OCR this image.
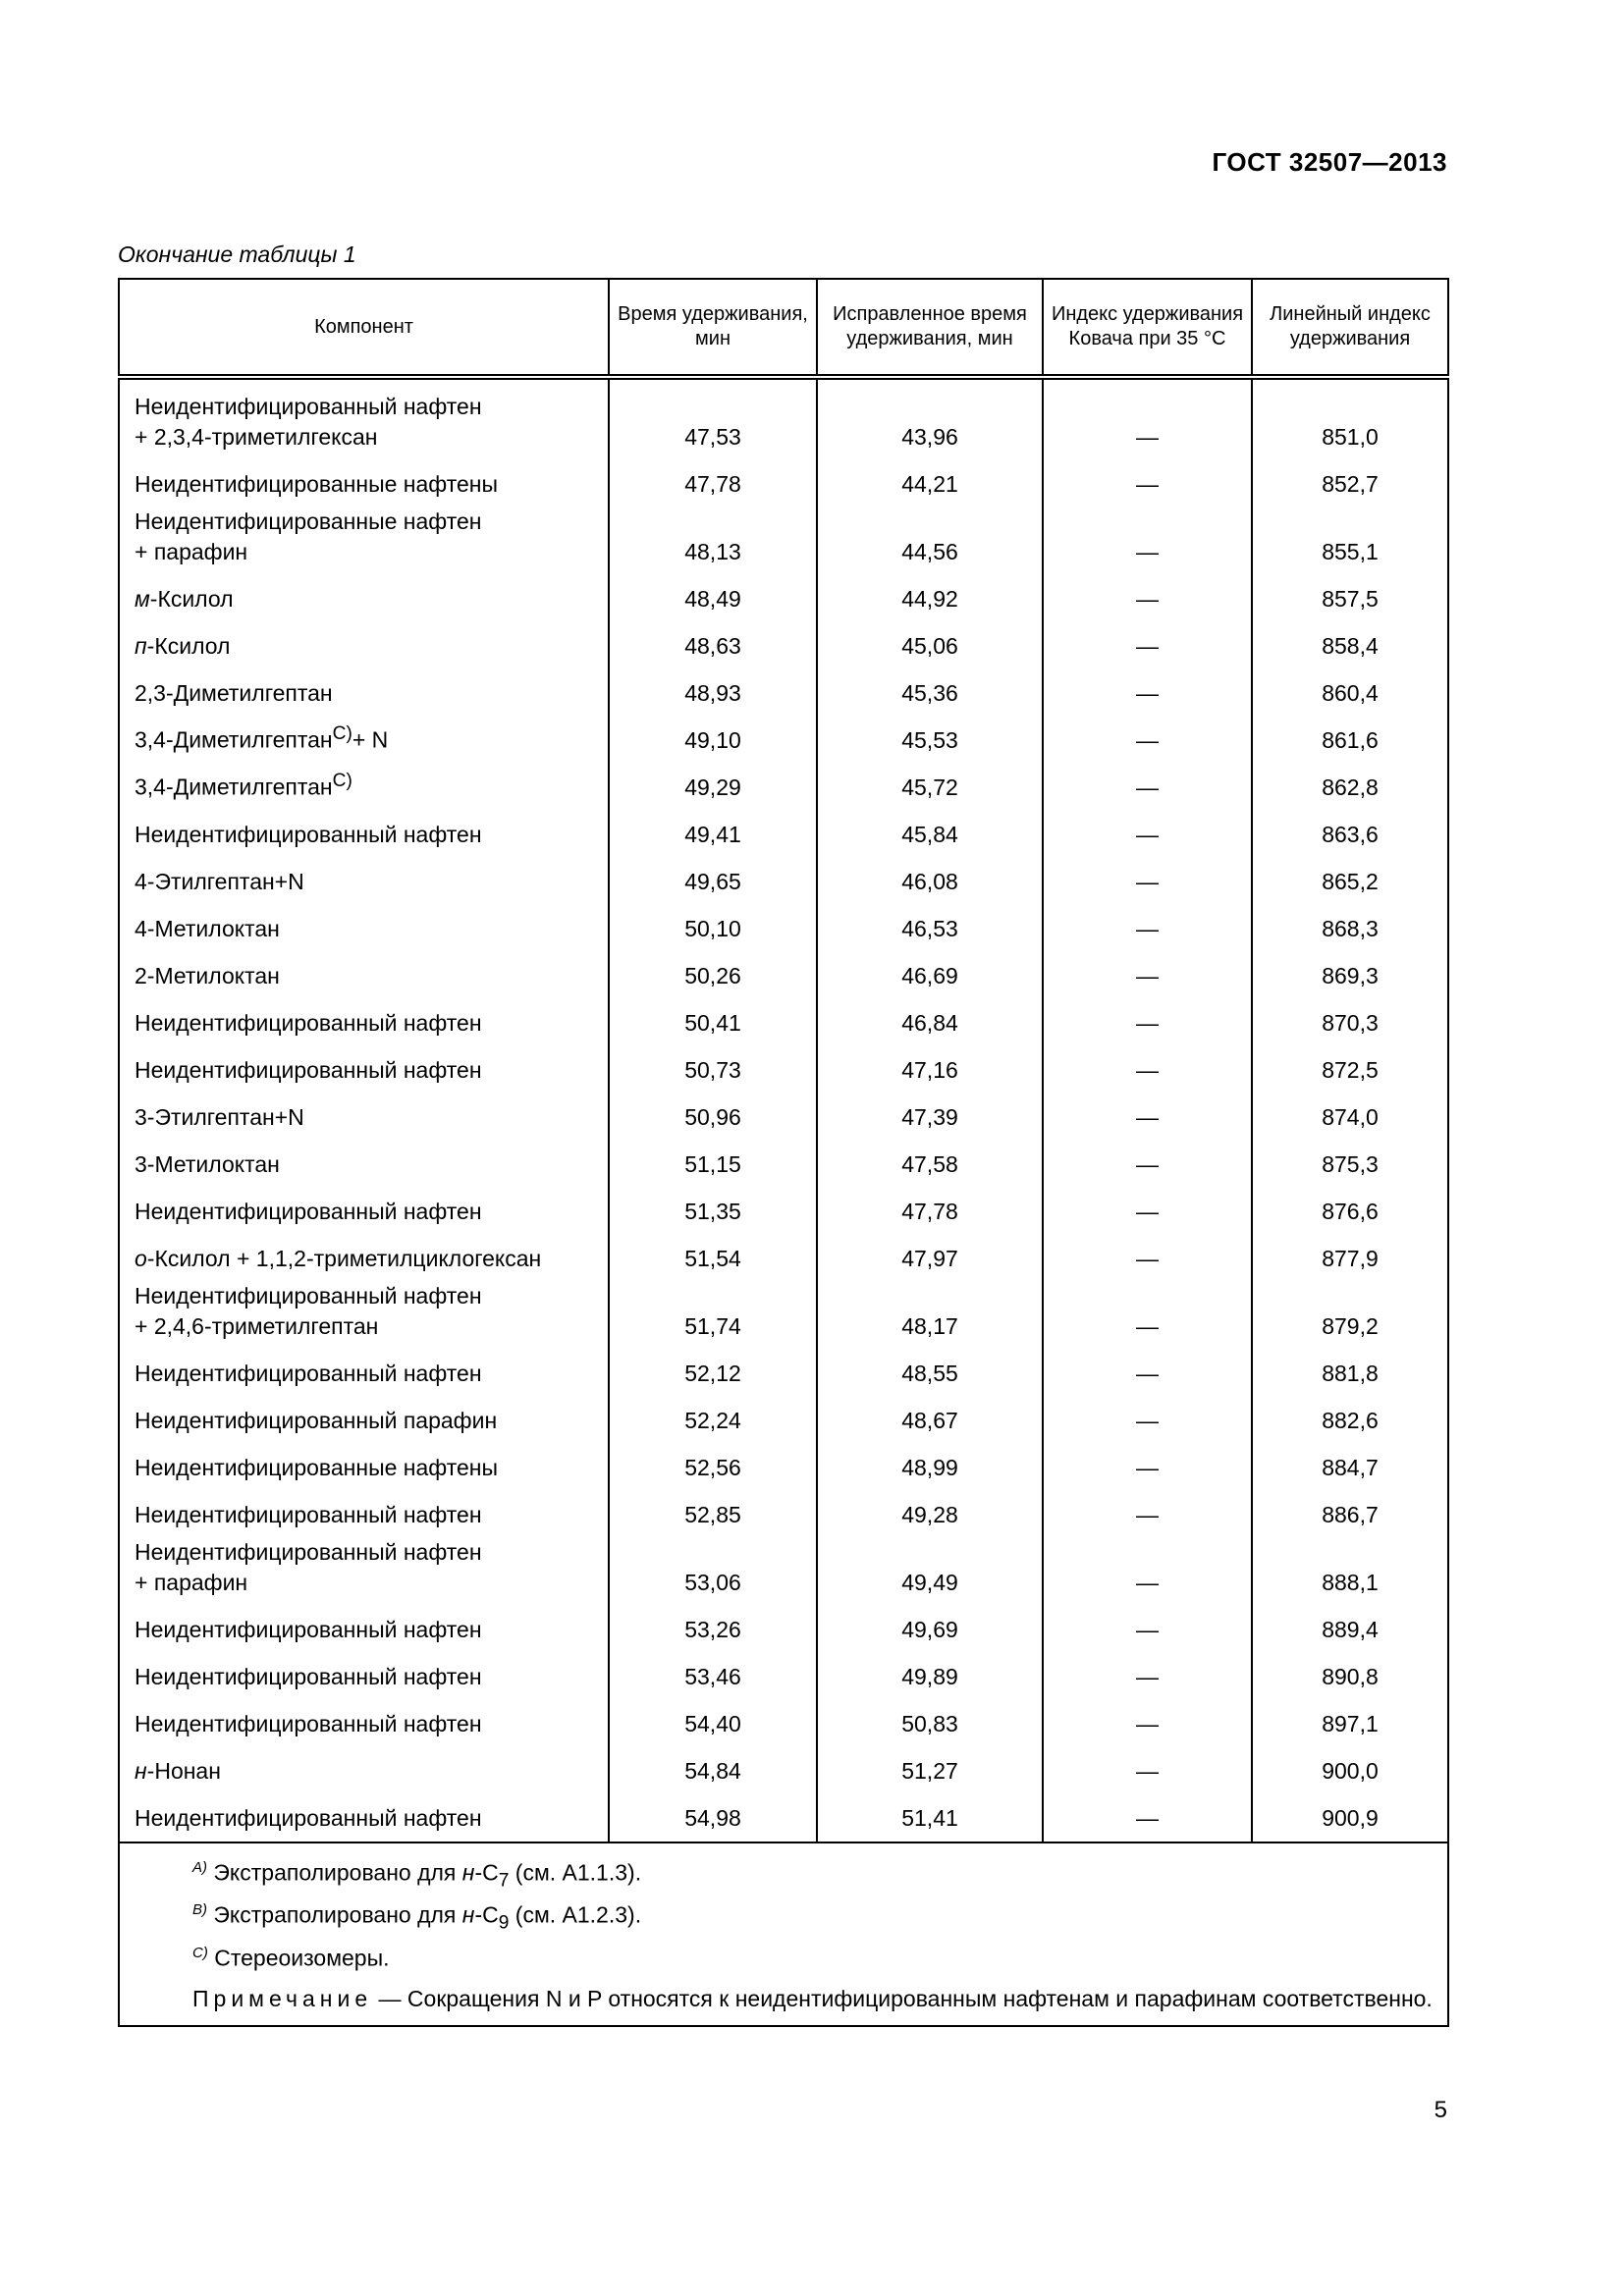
ГОСТ 32507—2013
Окончание таблицы 1
Компонент	Время удерживания, мин	Исправленное время удерживания, мин	Индекс удерживания Ковача при 35 °С	Линейный индекс удерживания
Неидентифицированный нафтен
+ 2,3,4-триметилгексан	47,53	43,96	—	851,0
Неидентифицированные нафтены	47,78	44,21	—	852,7
Неидентифицированные нафтен
+ парафин	48,13	44,56	—	855,1
м-Ксилол	48,49	44,92	—	857,5
п-Ксилол	48,63	45,06	—	858,4
2,3-Диметилгептан	48,93	45,36	—	860,4
3,4-Диметилгептан$^{C)}$+ N	49,10	45,53	—	861,6
3,4-Диметилгептан$^{C)}$	49,29	45,72	—	862,8
Неидентифицированный нафтен	49,41	45,84	—	863,6
4-Этилгептан+N	49,65	46,08	—	865,2
4-Метилоктан	50,10	46,53	—	868,3
2-Метилоктан	50,26	46,69	—	869,3
Неидентифицированный нафтен	50,41	46,84	—	870,3
Неидентифицированный нафтен	50,73	47,16	—	872,5
3-Этилгептан+N	50,96	47,39	—	874,0
3-Метилоктан	51,15	47,58	—	875,3
Неидентифицированный нафтен	51,35	47,78	—	876,6
о-Ксилол + 1,1,2-триметилциклогексан	51,54	47,97	—	877,9
Неидентифицированный нафтен
+ 2,4,6-триметилгептан	51,74	48,17	—	879,2
Неидентифицированный нафтен	52,12	48,55	—	881,8
Неидентифицированный парафин	52,24	48,67	—	882,6
Неидентифицированные нафтены	52,56	48,99	—	884,7
Неидентифицированный нафтен	52,85	49,28	—	886,7
Неидентифицированный нафтен
+ парафин	53,06	49,49	—	888,1
Неидентифицированный нафтен	53,26	49,69	—	889,4
Неидентифицированный нафтен	53,46	49,89	—	890,8
Неидентифицированный нафтен	54,40	50,83	—	897,1
н-Нонан	54,84	51,27	—	900,0
Неидентифицированный нафтен	54,98	51,41	—	900,9

$^{A)}$ Экстраполировано для $н-C_7$ (см. А1.1.3).
$^{B)}$ Экстраполировано для $н-C_9$ (см. А1.2.3).
$^{C)}$ Стереоизомеры.
Примечание — Сокращения N и P относятся к неидентифицированным нафтенам и парафинам соответственно.				
5
